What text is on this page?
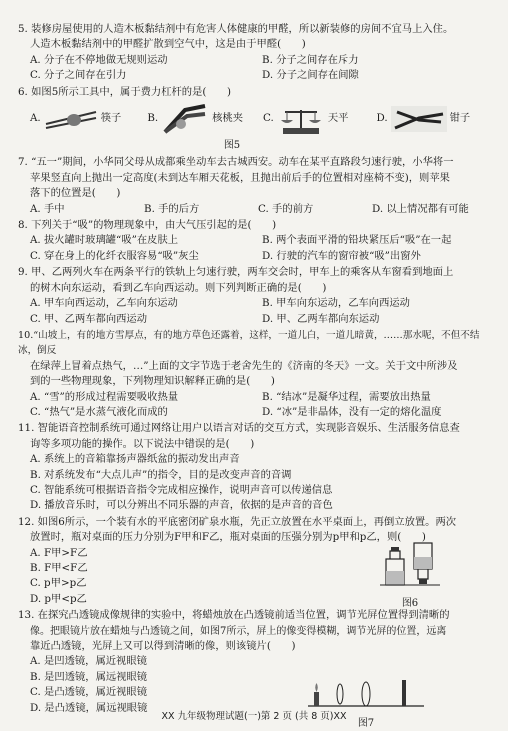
5. 装修房屋使用的人造木板黏结剂中有危害人体健康的甲醛，所以新装修的房间不宜马上入住。

人造木板黏结剂中的甲醛扩散到空气中，这是由于甲醛(　　)

A. 分子在不停地做无规则运动	B. 分子之间存在斥力
C. 分子之间存在引力	D. 分子之间存在间隙

6. 如图5所示工具中，属于费力杠杆的是(　　)

A.	筷子	B.	核桃夹 C.	天平	D.	钳子
图5

7. “五一”期间，小华同父母从成都乘坐动车去古城西安。动车在某平直路段匀速行驶，小华将一

苹果竖直向上抛出一定高度(未到达车厢天花板，且抛出前后手的位置相对座椅不变)，则苹果

落下的位置是(　　)

A. 手中	B. 手的后方	C. 手的前方	D. 以上情况都有可能

8. 下列关于“吸”的物理现象中，由大气压引起的是(　　)

A. 拔火罐时玻璃罐“吸”在皮肤上	B. 两个表面平滑的铅块紧压后“吸”在一起
C. 穿在身上的化纤衣服容易“吸”灰尘	D. 行驶的汽车的窗帘被“吸”出窗外

9. 甲、乙两列火车在两条平行的铁轨上匀速行驶，两车交会时，甲车上的乘客从车窗看到地面上

的树木向东运动，看到乙车向西运动。则下列判断正确的是(　　)

A. 甲车向西运动，乙车向东运动	B. 甲车向东运动，乙车向西运动
C. 甲、乙两车都向西运动	D. 甲、乙两车都向东运动

10.“山坡上，有的地方雪厚点，有的地方草色还露着，这样，一道儿白，一道儿暗黄，……那水呢，不但不结冰，倒反

在绿萍上冒着点热气，…”上面的文字节选于老舍先生的《济南的冬天》一文。关于文中所涉及

到的一些物理现象，下列物理知识解释正确的是(　　)

A. “雪”的形成过程需要吸收热量	B. “结冰”是凝华过程，需要放出热量
C. “热气”是水蒸气液化而成的	D. “冰”是非晶体，没有一定的熔化温度

11. 智能语音控制系统可通过网络让用户以语言对话的交互方式，实现影音娱乐、生活服务信息查

询等多项功能的操作。以下说法中错误的是(　　)

A. 系统上的音箱靠扬声器纸盆的振动发出声音

B. 对系统发布“大点儿声”的指令，目的是改变声音的音调

C. 智能系统可根据语音指令完成相应操作，说明声音可以传递信息

D. 播放音乐时，可以分辨出不同乐器的声音，依据的是声音的音色

12. 如图6所示，一个装有水的平底密闭矿泉水瓶，先正立放置在水平桌面上，再倒立放置。两次

放置时，瓶对桌面的压力分别为F甲和F乙，瓶对桌面的压强分别为p甲和p乙，则(　　)

A. F甲>F乙

B. F甲<F乙

C. p甲>p乙

D. p甲<p乙	图6

13. 在探究凸透镜成像规律的实验中，将蜡烛放在凸透镜前适当位置，调节光屏位置得到清晰的

像。把眼镜片放在蜡烛与凸透镜之间，如图7所示，屏上的像变得模糊，调节光屏的位置，远离

靠近凸透镜，光屏上又可以得到清晰的像，则该镜片(　　)

A. 是凹透镜，属近视眼镜

B. 是凹透镜，属远视眼镜

C. 是凸透镜，属近视眼镜

D. 是凸透镜，属远视眼镜

图7
XX 九年级物理试题(一)第 2 页 (共 8 页)XX
